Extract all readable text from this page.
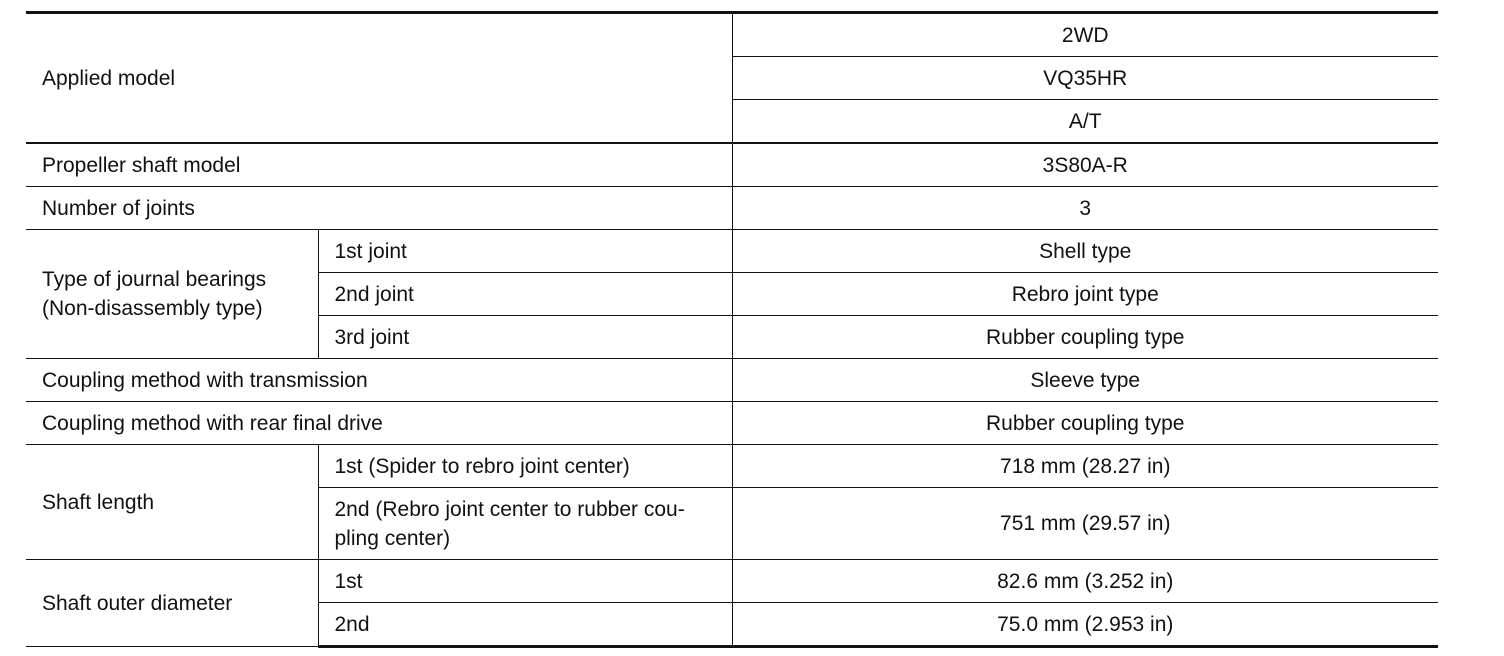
Applied model		2WD
		VQ35HR
		A/T
Propeller shaft model		3S80A-R
Number of joints		3

Type of journal bearings
(Non-disassembly type)	1st joint	Shell type
	2nd joint	Rebro joint type
	3rd joint	Rubber coupling type
Coupling method with transmission		Sleeve type
Coupling method with rear final drive		Rubber coupling type
Shaft length	1st (Spider to rebro joint center)	718 mm (28.27 in)

	2nd (Rebro joint center to rubber cou-
pling center)	751 mm (29.57 in)
Shaft outer diameter	1st	82.6 mm (3.252 in)
	2nd	75.0 mm (2.953 in)
